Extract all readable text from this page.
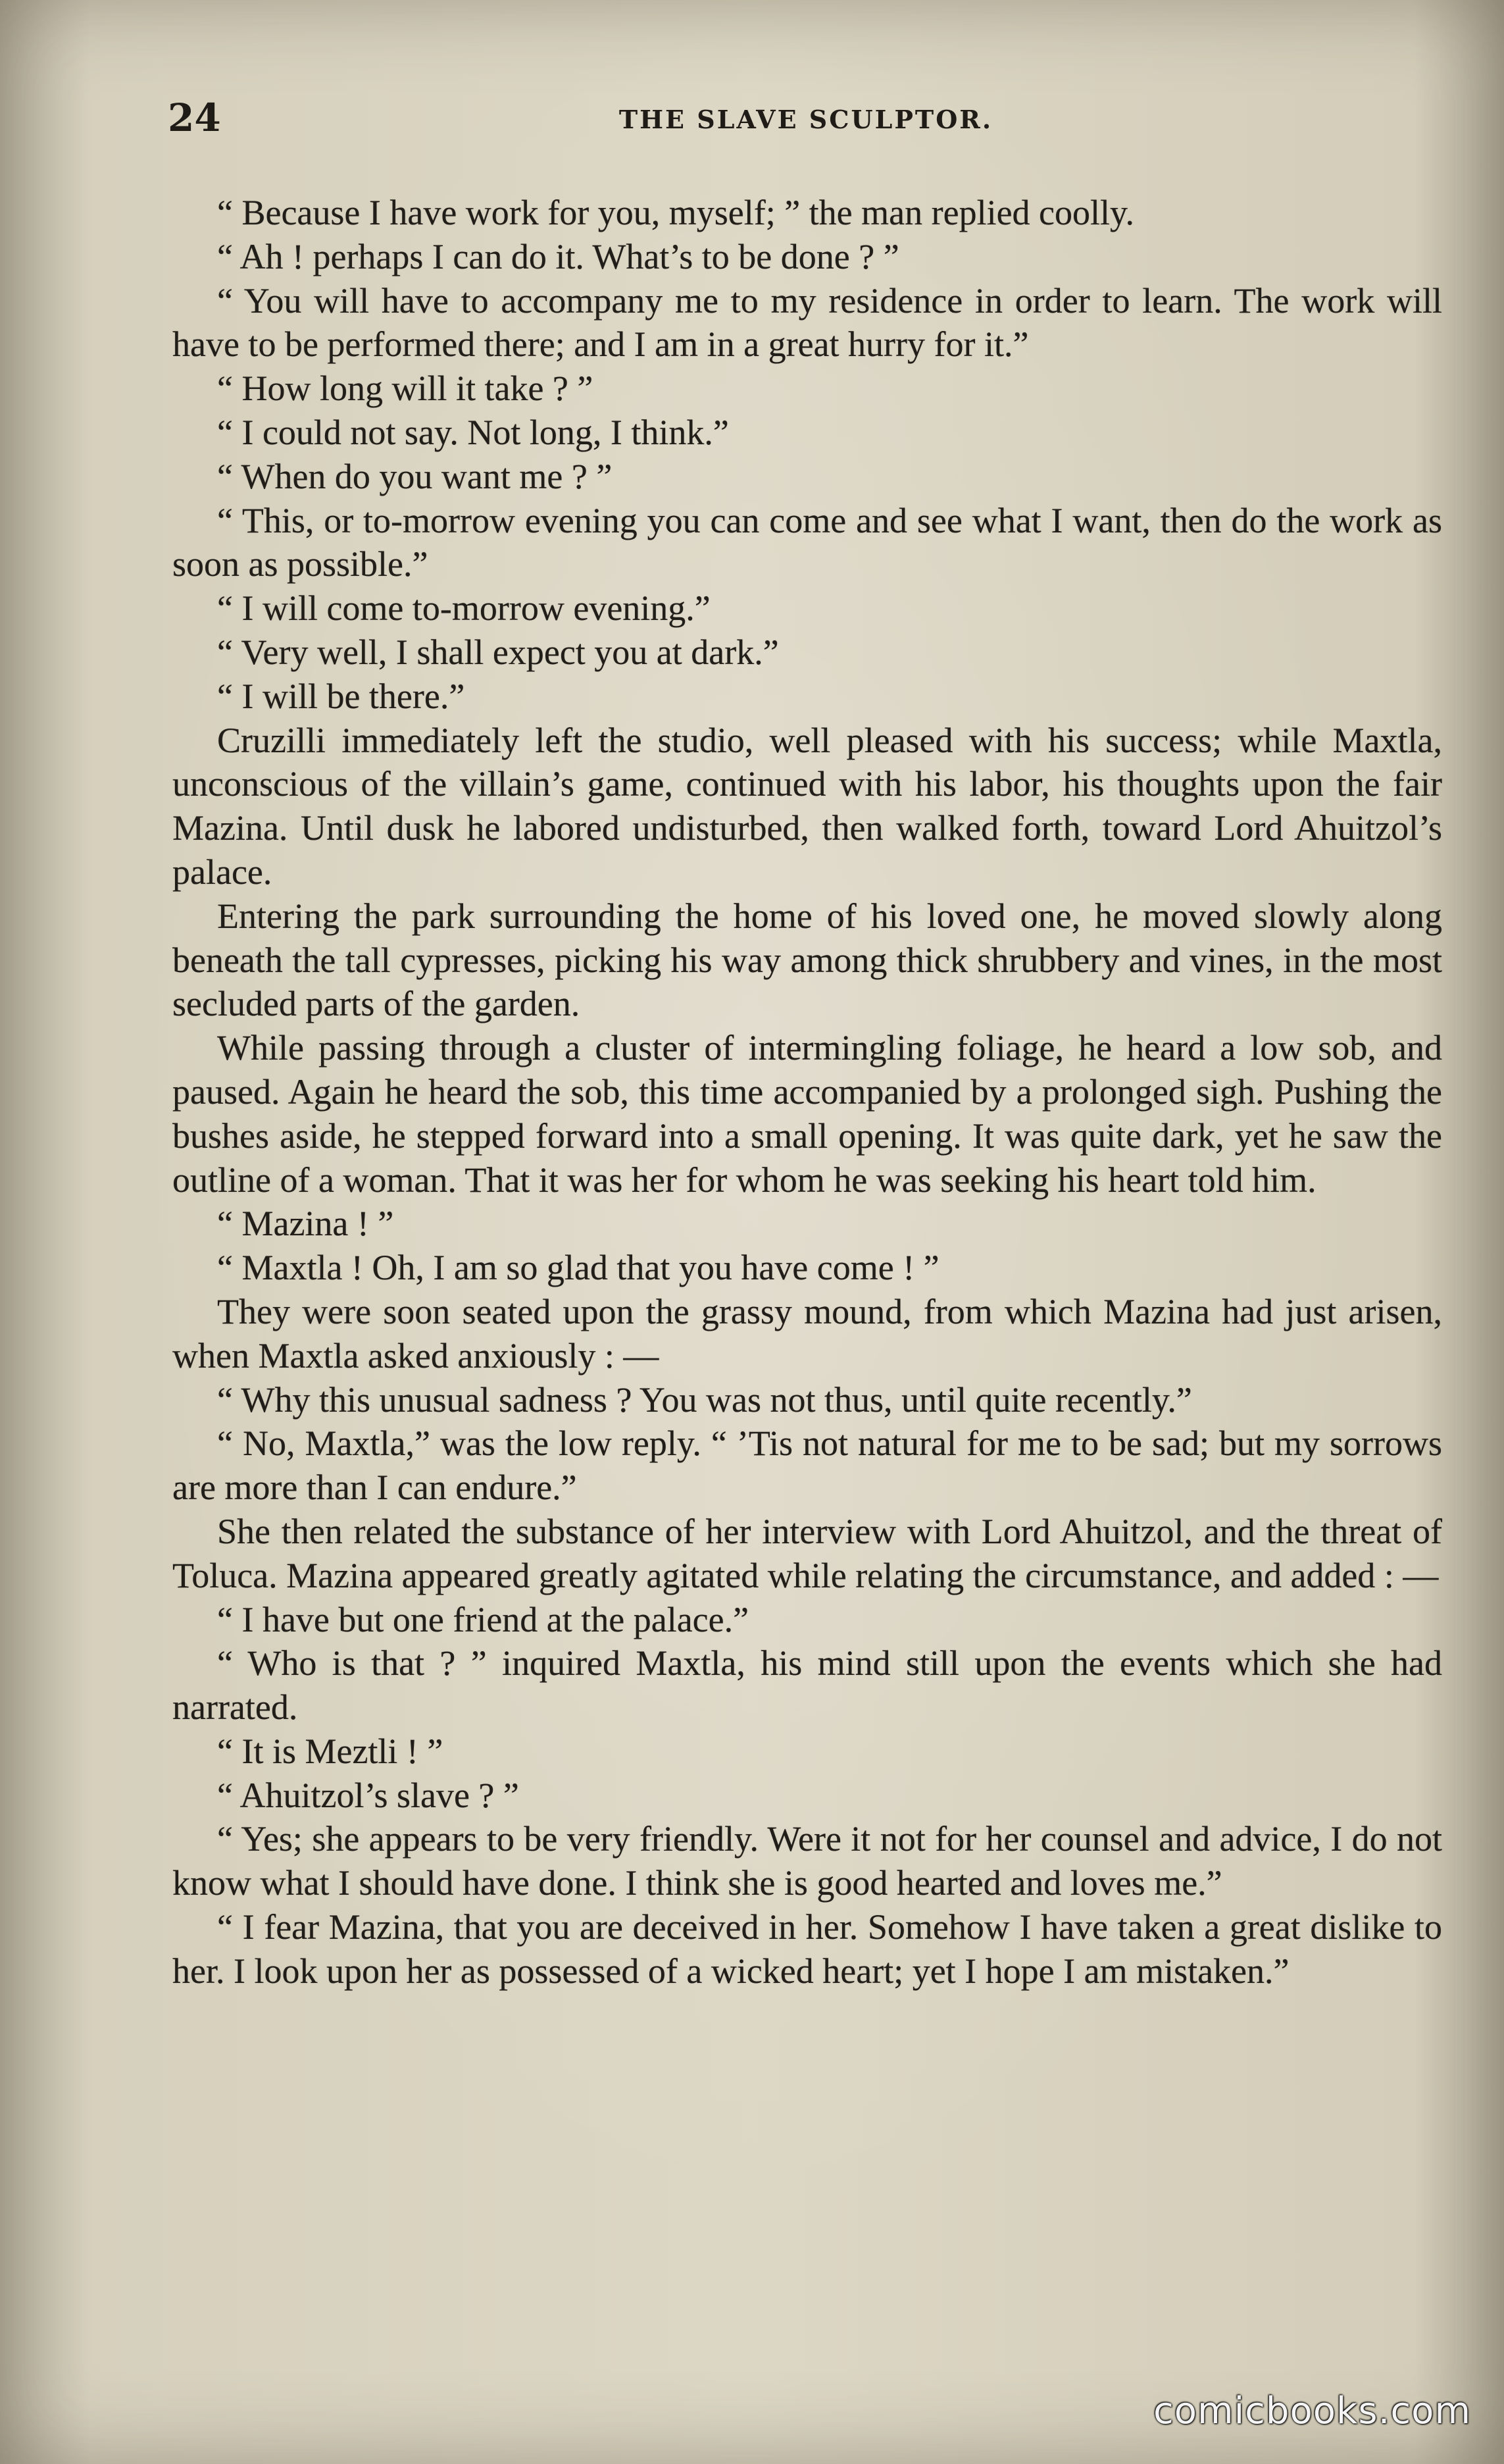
24	THE SLAVE SCULPTOR.

“ Because I have work for you, myself; ” the man replied coolly.

“ Ah ! perhaps I can do it. What’s to be done ? ”

“ You will have to accompany me to my residence in order to learn. The work will have to be performed there; and I am in a great hurry for it.”

“ How long will it take ? ”

“ I could not say. Not long, I think.”

“ When do you want me ? ”

“ This, or to-morrow evening you can come and see what I want, then do the work as soon as possible.”

“ I will come to-morrow evening.”

“ Very well, I shall expect you at dark.”

“ I will be there.”

Cruzilli immediately left the studio, well pleased with his success; while Maxtla, unconscious of the villain’s game, continued with his labor, his thoughts upon the fair Mazina. Until dusk he labored undisturbed, then walked forth, toward Lord Ahuitzol’s palace.

Entering the park surrounding the home of his loved one, he moved slowly along beneath the tall cypresses, picking his way among thick shrubbery and vines, in the most secluded parts of the garden.

While passing through a cluster of intermingling foliage, he heard a low sob, and paused. Again he heard the sob, this time accompanied by a prolonged sigh. Pushing the bushes aside, he stepped forward into a small opening. It was quite dark, yet he saw the outline of a woman. That it was her for whom he was seeking his heart told him.

“ Mazina ! ”

“ Maxtla ! Oh, I am so glad that you have come ! ”

They were soon seated upon the grassy mound, from which Mazina had just arisen, when Maxtla asked anxiously : —

“ Why this unusual sadness ? You was not thus, until quite recently.”

“ No, Maxtla,” was the low reply. “ ’Tis not natural for me to be sad; but my sorrows are more than I can endure.”

She then related the substance of her interview with Lord Ahuitzol, and the threat of Toluca. Mazina appeared greatly agitated while relating the circumstance, and added : —

“ I have but one friend at the palace.”

“ Who is that ? ” inquired Maxtla, his mind still upon the events which she had narrated.

“ It is Meztli ! ”

“ Ahuitzol’s slave ? ”

“ Yes; she appears to be very friendly. Were it not for her counsel and advice, I do not know what I should have done. I think she is good hearted and loves me.”

“ I fear Mazina, that you are deceived in her. Somehow I have taken a great dislike to her. I look upon her as possessed of a wicked heart; yet I hope I am mistaken.”

comicbooks.com
